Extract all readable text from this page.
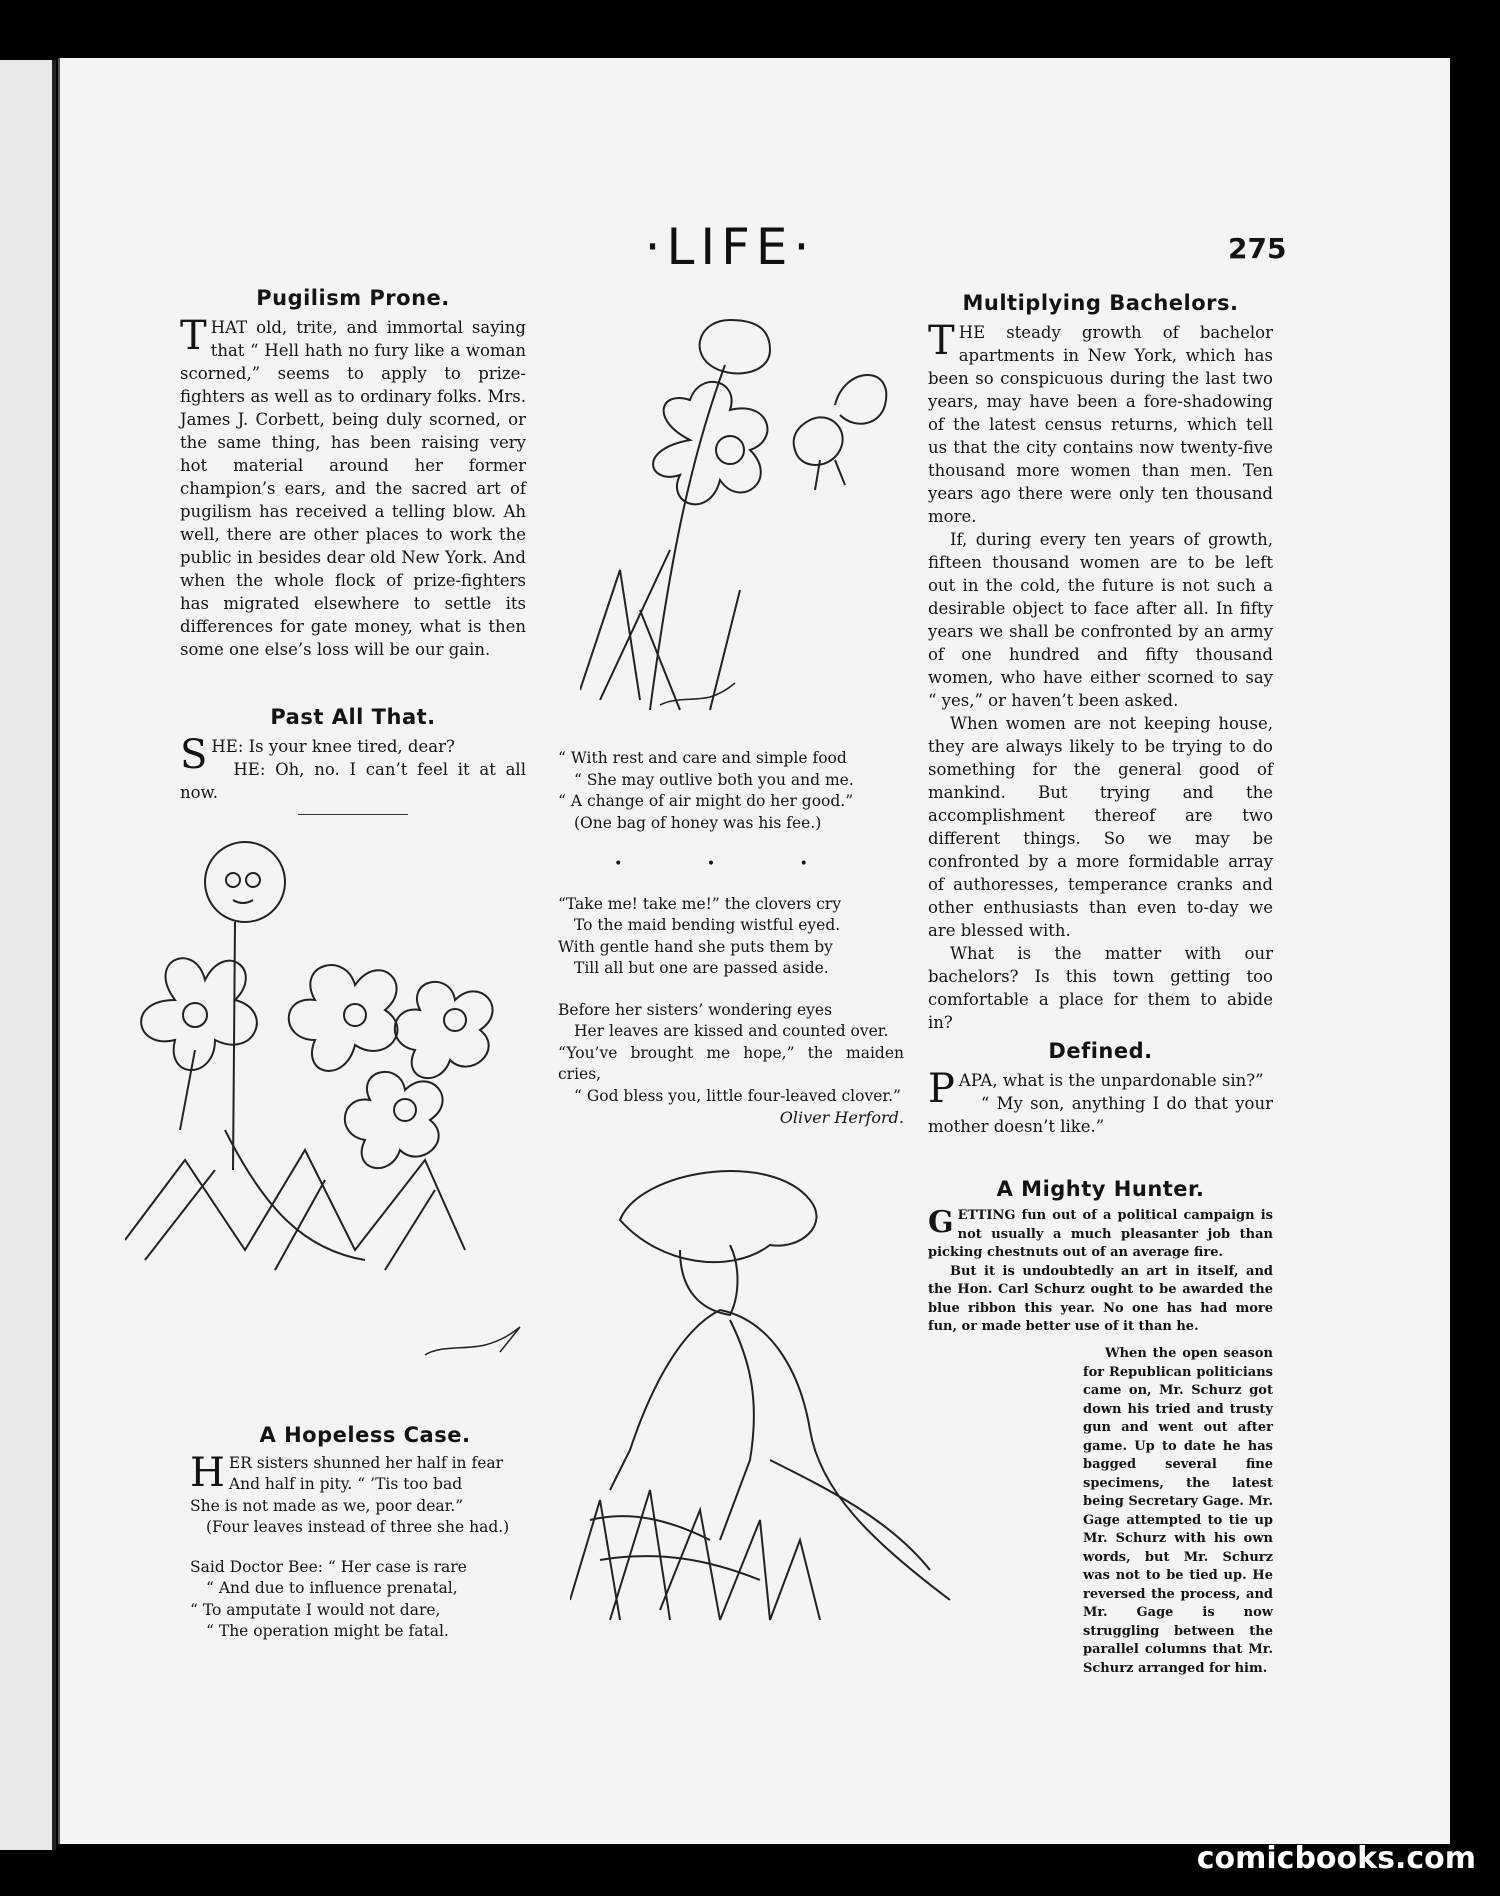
·LIFE·	275
Pugilism Prone.

THAT old, trite, and immortal saying that “ Hell hath no fury like a woman scorned,” seems to apply to prize-fighters as well as to ordinary folks. Mrs. James J. Corbett, being duly scorned, or the same thing, has been raising very hot material around her former champion’s ears, and the sacred art of pugilism has received a telling blow. Ah well, there are other places to work the public in besides dear old New York. And when the whole flock of prize-fighters has migrated elsewhere to settle its differences for gate money, what is then some one else’s loss will be our gain.

Past All That.

SHE: Is your knee tired, dear?

HE: Oh, no. I can’t feel it at all now.

A Hopeless Case.

HER sisters shunned her half in fear

And half in pity. “ ’Tis too bad

She is not made as we, poor dear.”

(Four leaves instead of three she had.)

Said Doctor Bee: “ Her case is rare

“ And due to influence prenatal,

“ To amputate I would not dare,

“ The operation might be fatal.

“ With rest and care and simple food

“ She may outlive both you and me.

“ A change of air might do her good.”

(One bag of honey was his fee.)

• • •

“Take me! take me!” the clovers cry

To the maid bending wistful eyed.

With gentle hand she puts them by

Till all but one are passed aside.

Before her sisters’ wondering eyes

Her leaves are kissed and counted over.

“You’ve brought me hope,” the maiden cries,

“ God bless you, little four-leaved clover.”

Oliver Herford.

Multiplying Bachelors.

THE steady growth of bachelor apartments in New York, which has been so conspicuous during the last two years, may have been a fore-shadowing of the latest census returns, which tell us that the city contains now twenty-five thousand more women than men. Ten years ago there were only ten thousand more.

If, during every ten years of growth, fifteen thousand women are to be left out in the cold, the future is not such a desirable object to face after all. In fifty years we shall be confronted by an army of one hundred and fifty thousand women, who have either scorned to say “ yes,” or haven’t been asked.

When women are not keeping house, they are always likely to be trying to do something for the general good of mankind. But trying and the accomplishment thereof are two different things. So we may be confronted by a more formidable array of authoresses, temperance cranks and other enthusiasts than even to-day we are blessed with.

What is the matter with our bachelors? Is this town getting too comfortable a place for them to abide in?

Defined.

PAPA, what is the unpardonable sin?”

“ My son, anything I do that your mother doesn’t like.”

A Mighty Hunter.

GETTING fun out of a political campaign is not usually a much pleasanter job than picking chestnuts out of an average fire.

But it is undoubtedly an art in itself, and the Hon. Carl Schurz ought to be awarded the blue ribbon this year. No one has had more fun, or made better use of it than he.

When the open season for Republican politicians came on, Mr. Schurz got down his tried and trusty gun and went out after game. Up to date he has bagged several fine specimens, the latest being Secretary Gage. Mr. Gage attempted to tie up Mr. Schurz with his own words, but Mr. Schurz was not to be tied up. He reversed the process, and Mr. Gage is now struggling between the parallel columns that Mr. Schurz arranged for him.

comicbooks.com
